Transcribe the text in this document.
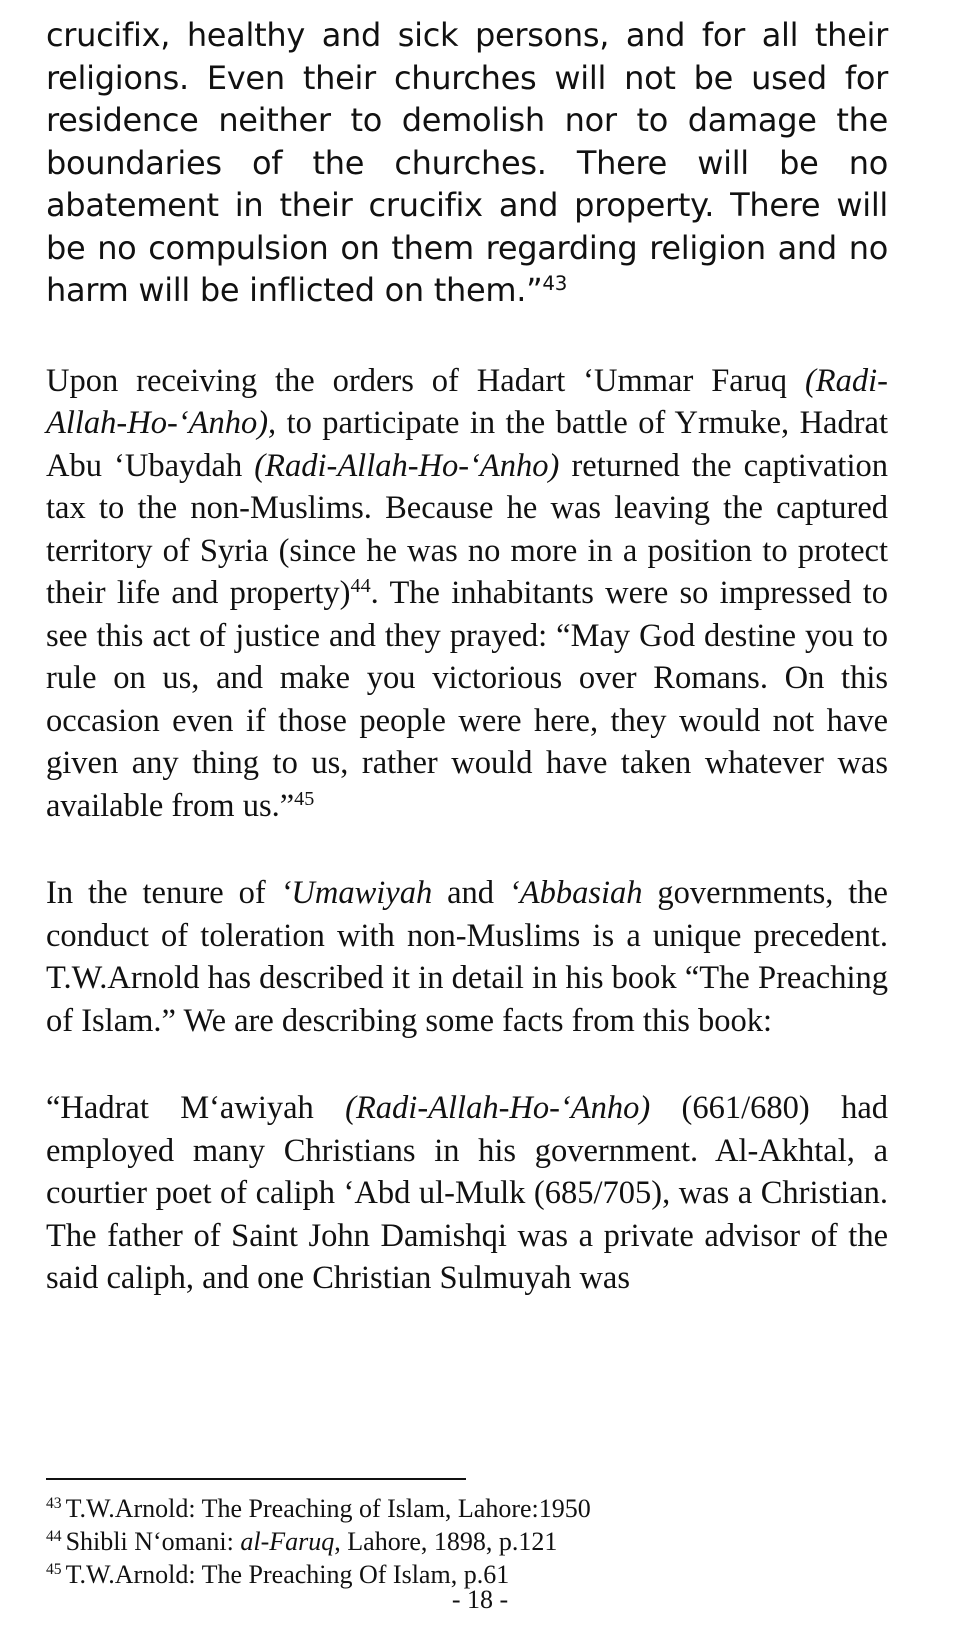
crucifix, healthy and sick persons, and for all their religions. Even their churches will not be used for residence neither to demolish nor to damage the boundaries of the churches. There will be no abatement in their crucifix and property. There will be no compulsion on them regarding religion and no harm will be inflicted on them.”$^{43}$

Upon receiving the orders of Hadart ‘Ummar Faruq (Radi-Allah-Ho-‘Anho), to participate in the battle of Yrmuke, Hadrat Abu ‘Ubaydah (Radi-Allah-Ho-‘Anho) returned the captivation tax to the non-Muslims. Because he was leaving the captured territory of Syria (since he was no more in a position to protect their life and property)$^{44}$. The inhabitants were so impressed to see this act of justice and they prayed: “May God destine you to rule on us, and make you victorious over Romans. On this occasion even if those people were here, they would not have given any thing to us, rather would have taken whatever was available from us.”$^{45}$

In the tenure of ‘Umawiyah and ‘Abbasiah governments, the conduct of toleration with non-Muslims is a unique precedent. T.W.Arnold has described it in detail in his book “The Preaching of Islam.” We are describing some facts from this book:

“Hadrat M‘awiyah (Radi-Allah-Ho-‘Anho) (661/680) had employed many Christians in his government. Al-Akhtal, a courtier poet of caliph ‘Abd ul-Mulk (685/705), was a Christian. The father of Saint John Damishqi was a private advisor of the said caliph, and one Christian Sulmuyah was

$^{43}$ T.W.Arnold: The Preaching of Islam, Lahore:1950

$^{44}$ Shibli N‘omani: al-Faruq, Lahore, 1898, p.121

$^{45}$ T.W.Arnold: The Preaching Of Islam, p.61

- 18 -
